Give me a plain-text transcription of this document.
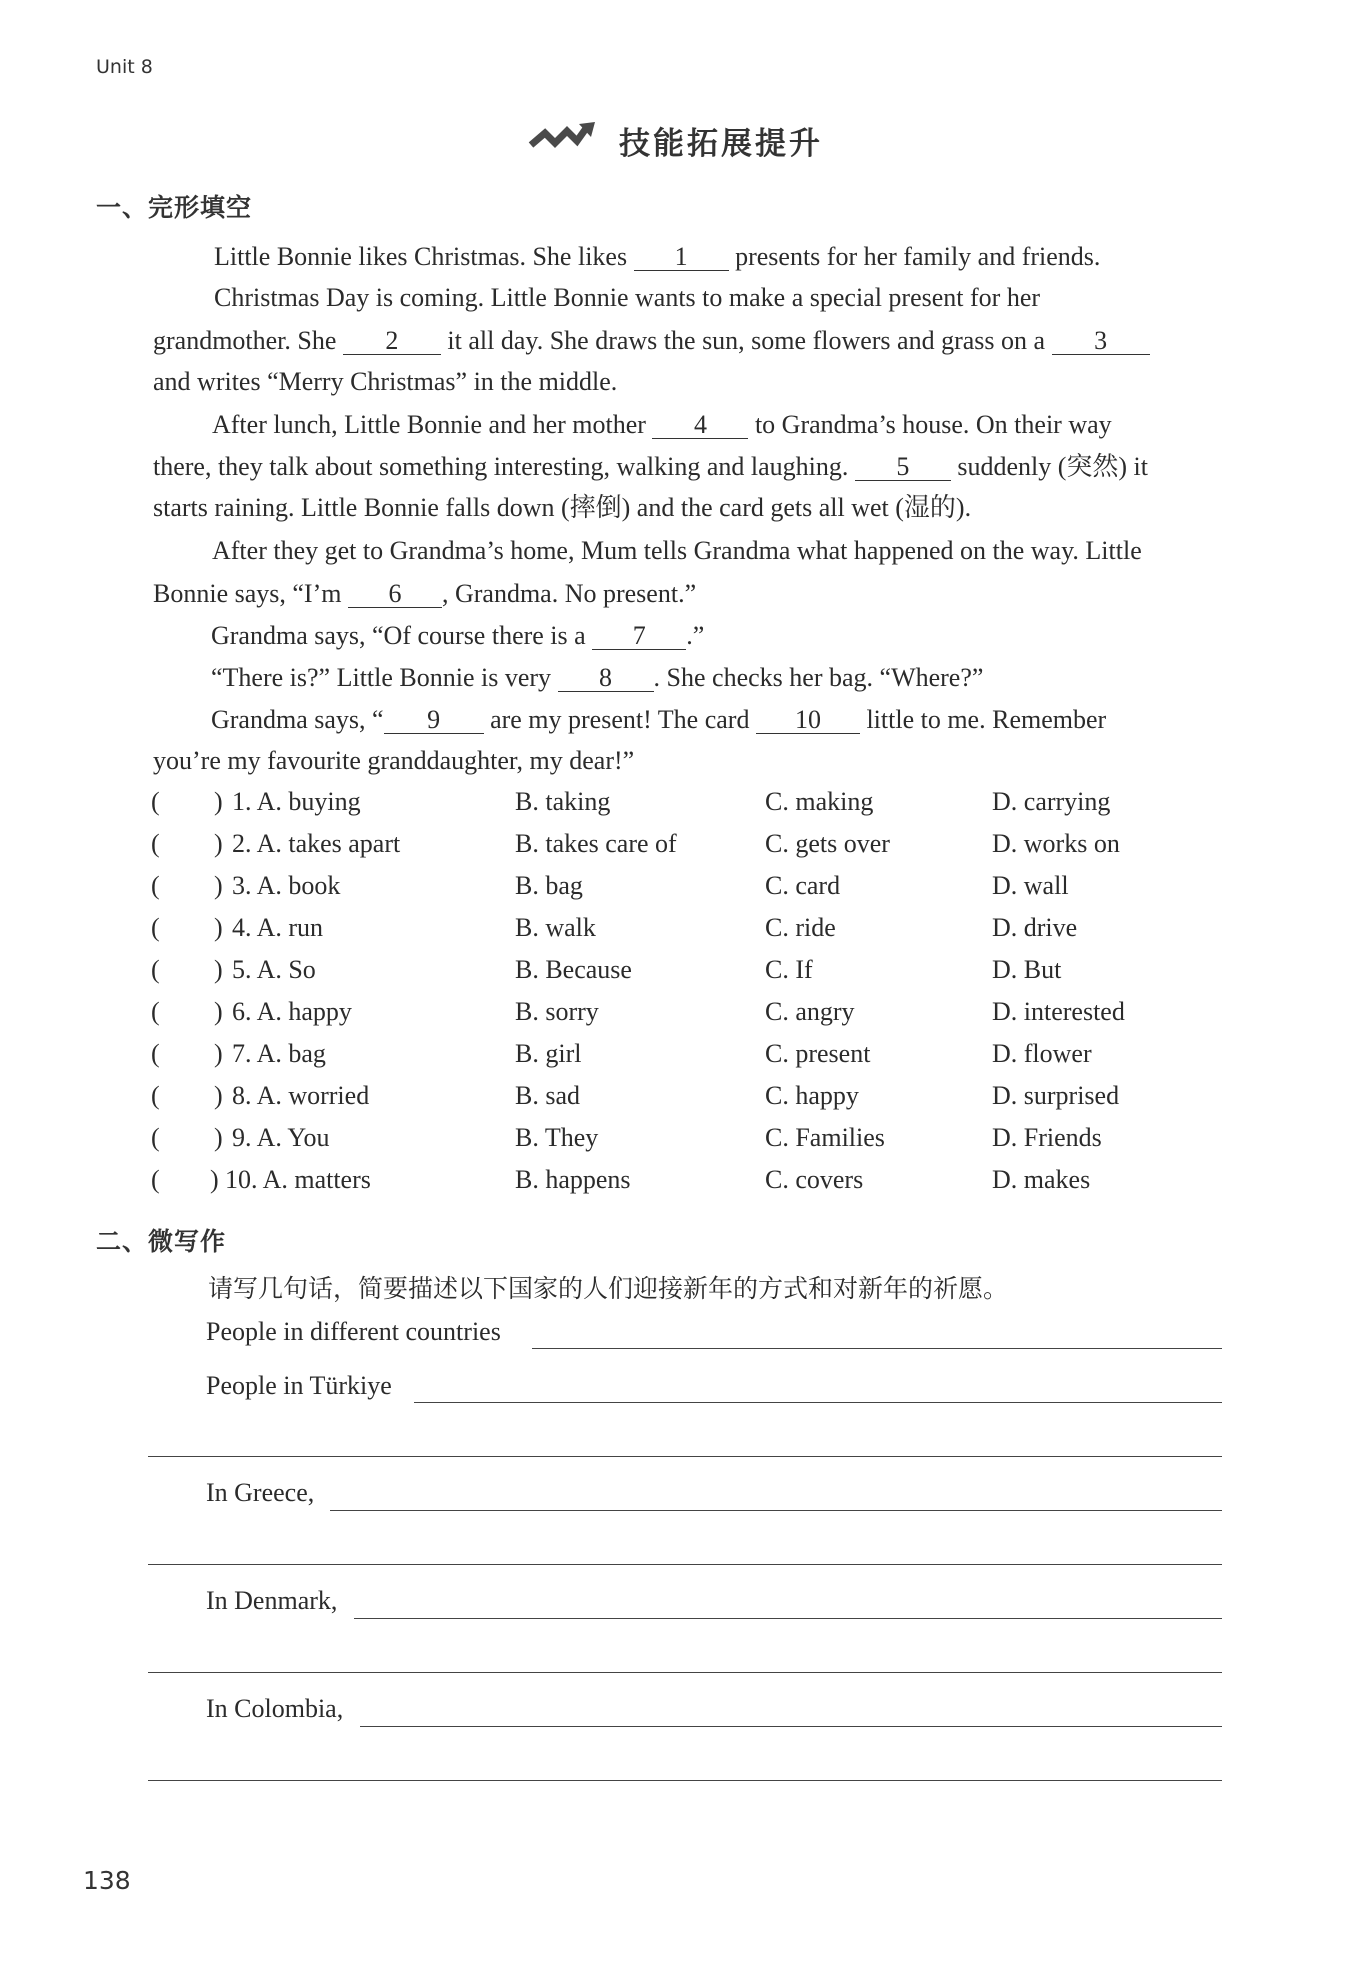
Unit 8
技能拓展提升
一、完形填空
Little Bonnie likes Christmas. She likes 1 presents for her family and friends.
Christmas Day is coming. Little Bonnie wants to make a special present for her
grandmother. She 2 it all day. She draws the sun, some flowers and grass on a 3
and writes “Merry Christmas” in the middle.
After lunch, Little Bonnie and her mother 4 to Grandma’s house. On their way
there, they talk about something interesting, walking and laughing. 5 suddenly (突然) it
starts raining. Little Bonnie falls down (摔倒) and the card gets all wet (湿的).
After they get to Grandma’s home, Mum tells Grandma what happened on the way. Little
Bonnie says, “I’m 6 , Grandma. No present.”
Grandma says, “Of course there is a 7 .”
“There is?” Little Bonnie is very 8 . She checks her bag. “Where?”
Grandma says, “ 9 are my present! The card 10 little to me. Remember
you’re my favourite granddaughter, my dear!”
( ) 1. A. buying	B. taking	C. making	D. carrying
( ) 2. A. takes apart	B. takes care of	C. gets over	D. works on
( ) 3. A. book	B. bag	C. card	D. wall
( ) 4. A. run	B. walk	C. ride	D. drive
( ) 5. A. So	B. Because	C. If	D. But
( ) 6. A. happy	B. sorry	C. angry	D. interested
( ) 7. A. bag	B. girl	C. present	D. flower
( ) 8. A. worried	B. sad	C. happy	D. surprised
( ) 9. A. You	B. They	C. Families	D. Friends
( ) 10. A. matters	B. happens	C. covers	D. makes
二、微写作
请写几句话，简要描述以下国家的人们迎接新年的方式和对新年的祈愿。
People in different countries
People in Türkiye
In Greece,
In Denmark,
In Colombia,
138
